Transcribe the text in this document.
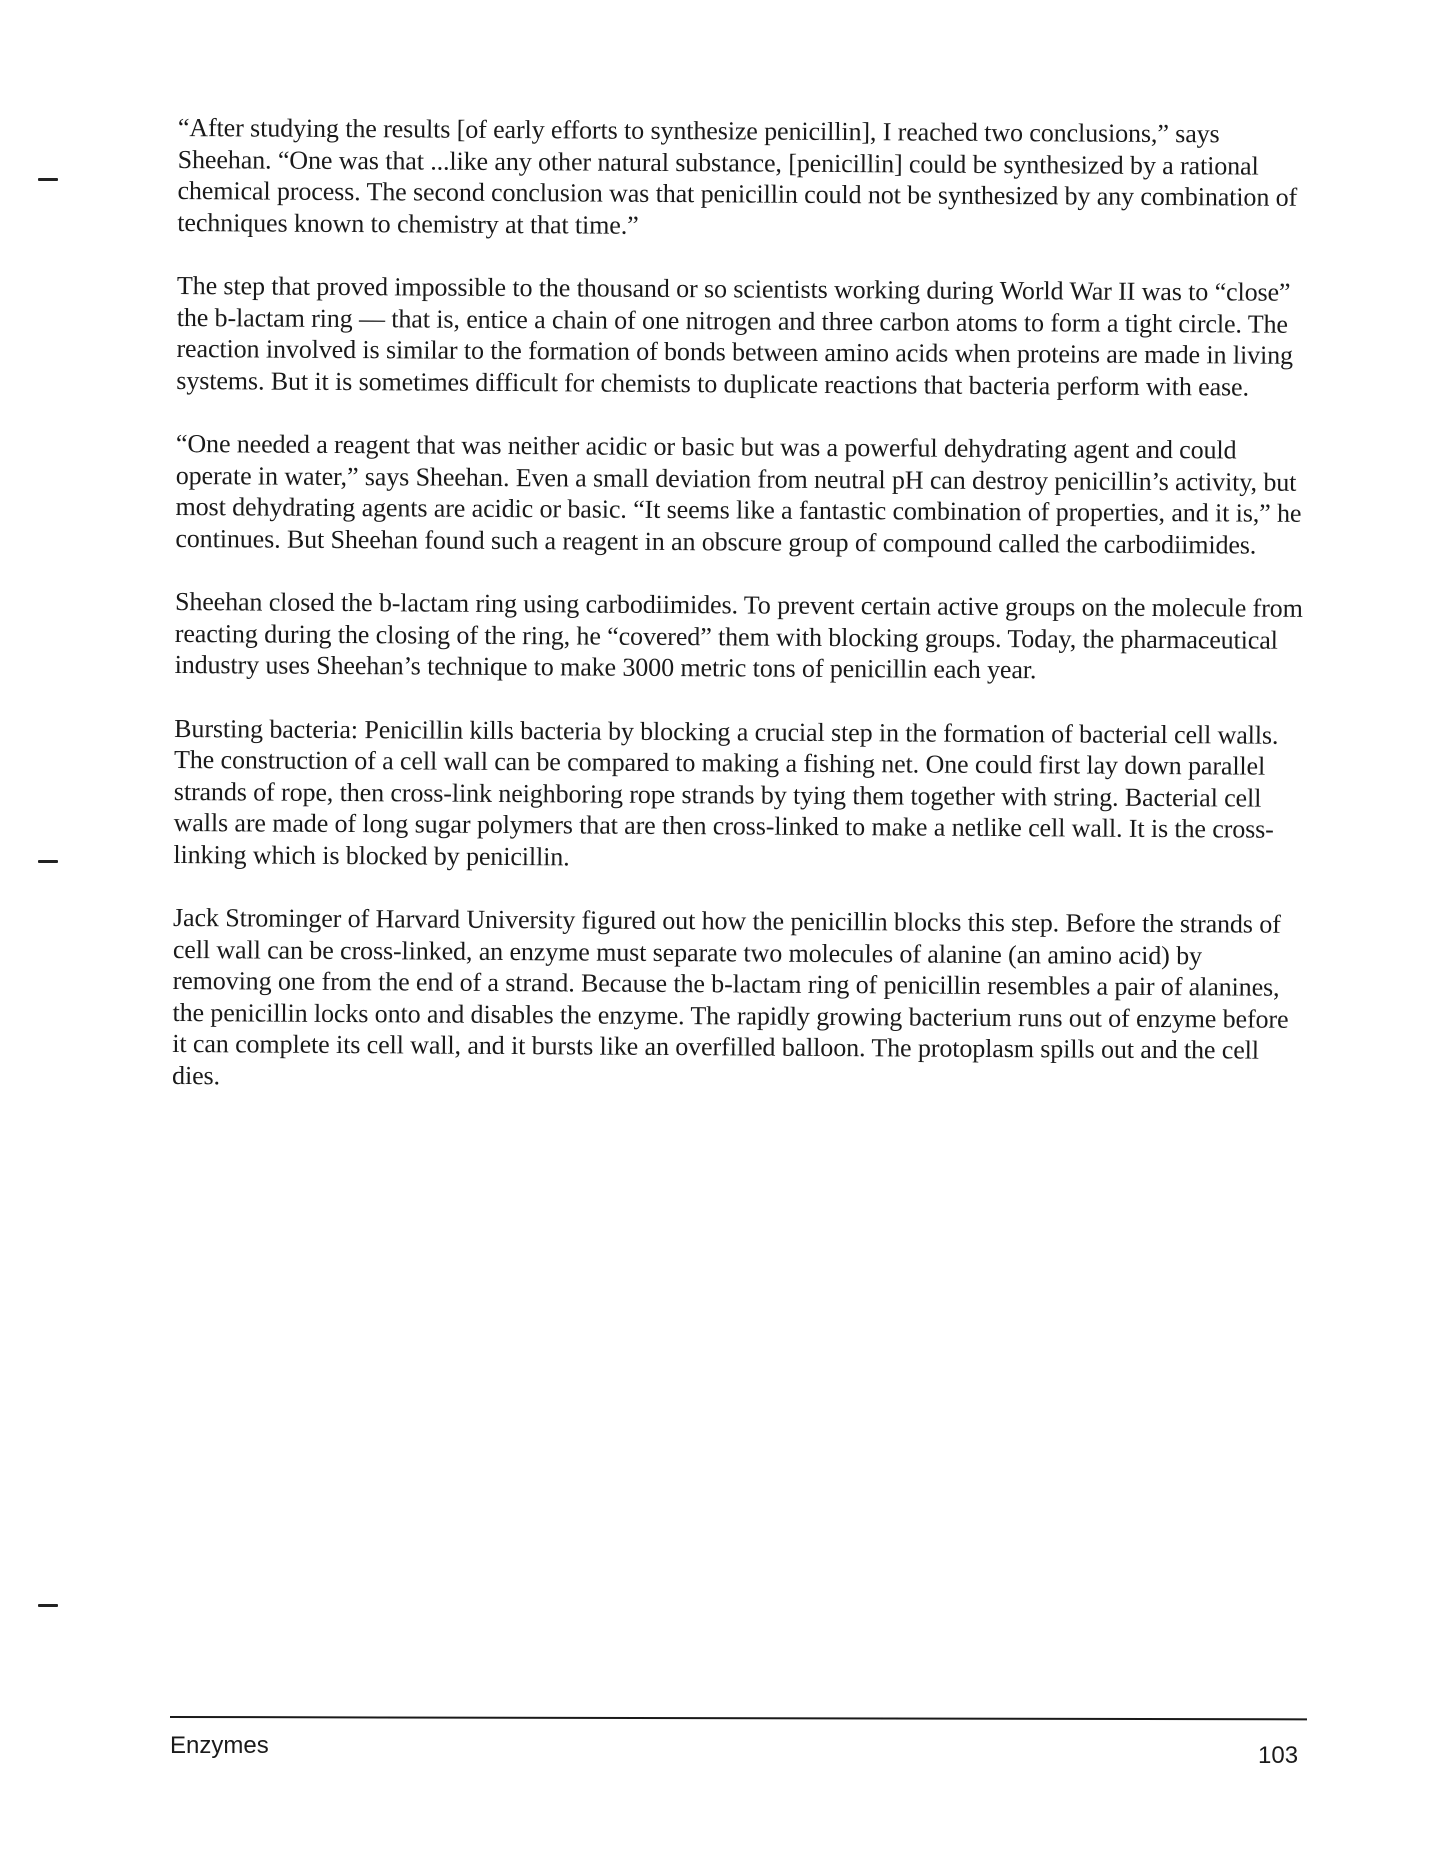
“After studying the results [of early efforts to synthesize penicillin], I reached two conclusions,” says Sheehan. “One was that ...like any other natural substance, [penicillin] could be synthesized by a rational chemical process. The second conclusion was that penicillin could not be synthesized by any combination of techniques known to chemistry at that time.”

The step that proved impossible to the thousand or so scientists working during World War II was to “close” the b-lactam ring — that is, entice a chain of one nitrogen and three carbon atoms to form a tight circle. The reaction involved is similar to the formation of bonds between amino acids when proteins are made in living systems. But it is sometimes difficult for chemists to duplicate reactions that bacteria perform with ease.

“One needed a reagent that was neither acidic or basic but was a powerful dehydrating agent and could operate in water,” says Sheehan. Even a small deviation from neutral pH can destroy penicillin’s activity, but most dehydrating agents are acidic or basic. “It seems like a fantastic combination of properties, and it is,” he continues. But Sheehan found such a reagent in an obscure group of compound called the carbodiimides.

Sheehan closed the b-lactam ring using carbodiimides. To prevent certain active groups on the molecule from reacting during the closing of the ring, he “covered” them with blocking groups. Today, the pharmaceutical industry uses Sheehan’s technique to make 3000 metric tons of penicillin each year.

Bursting bacteria: Penicillin kills bacteria by blocking a crucial step in the formation of bacterial cell walls. The construction of a cell wall can be compared to making a fishing net. One could first lay down parallel strands of rope, then cross-link neighboring rope strands by tying them together with string. Bacterial cell walls are made of long sugar polymers that are then cross-linked to make a netlike cell wall. It is the cross-linking which is blocked by penicillin.

Jack Strominger of Harvard University figured out how the penicillin blocks this step. Before the strands of cell wall can be cross-linked, an enzyme must separate two molecules of alanine (an amino acid) by removing one from the end of a strand. Because the b-lactam ring of penicillin resembles a pair of alanines, the penicillin locks onto and disables the enzyme. The rapidly growing bacterium runs out of enzyme before it can complete its cell wall, and it bursts like an overfilled balloon. The protoplasm spills out and the cell dies.

Enzymes	103
